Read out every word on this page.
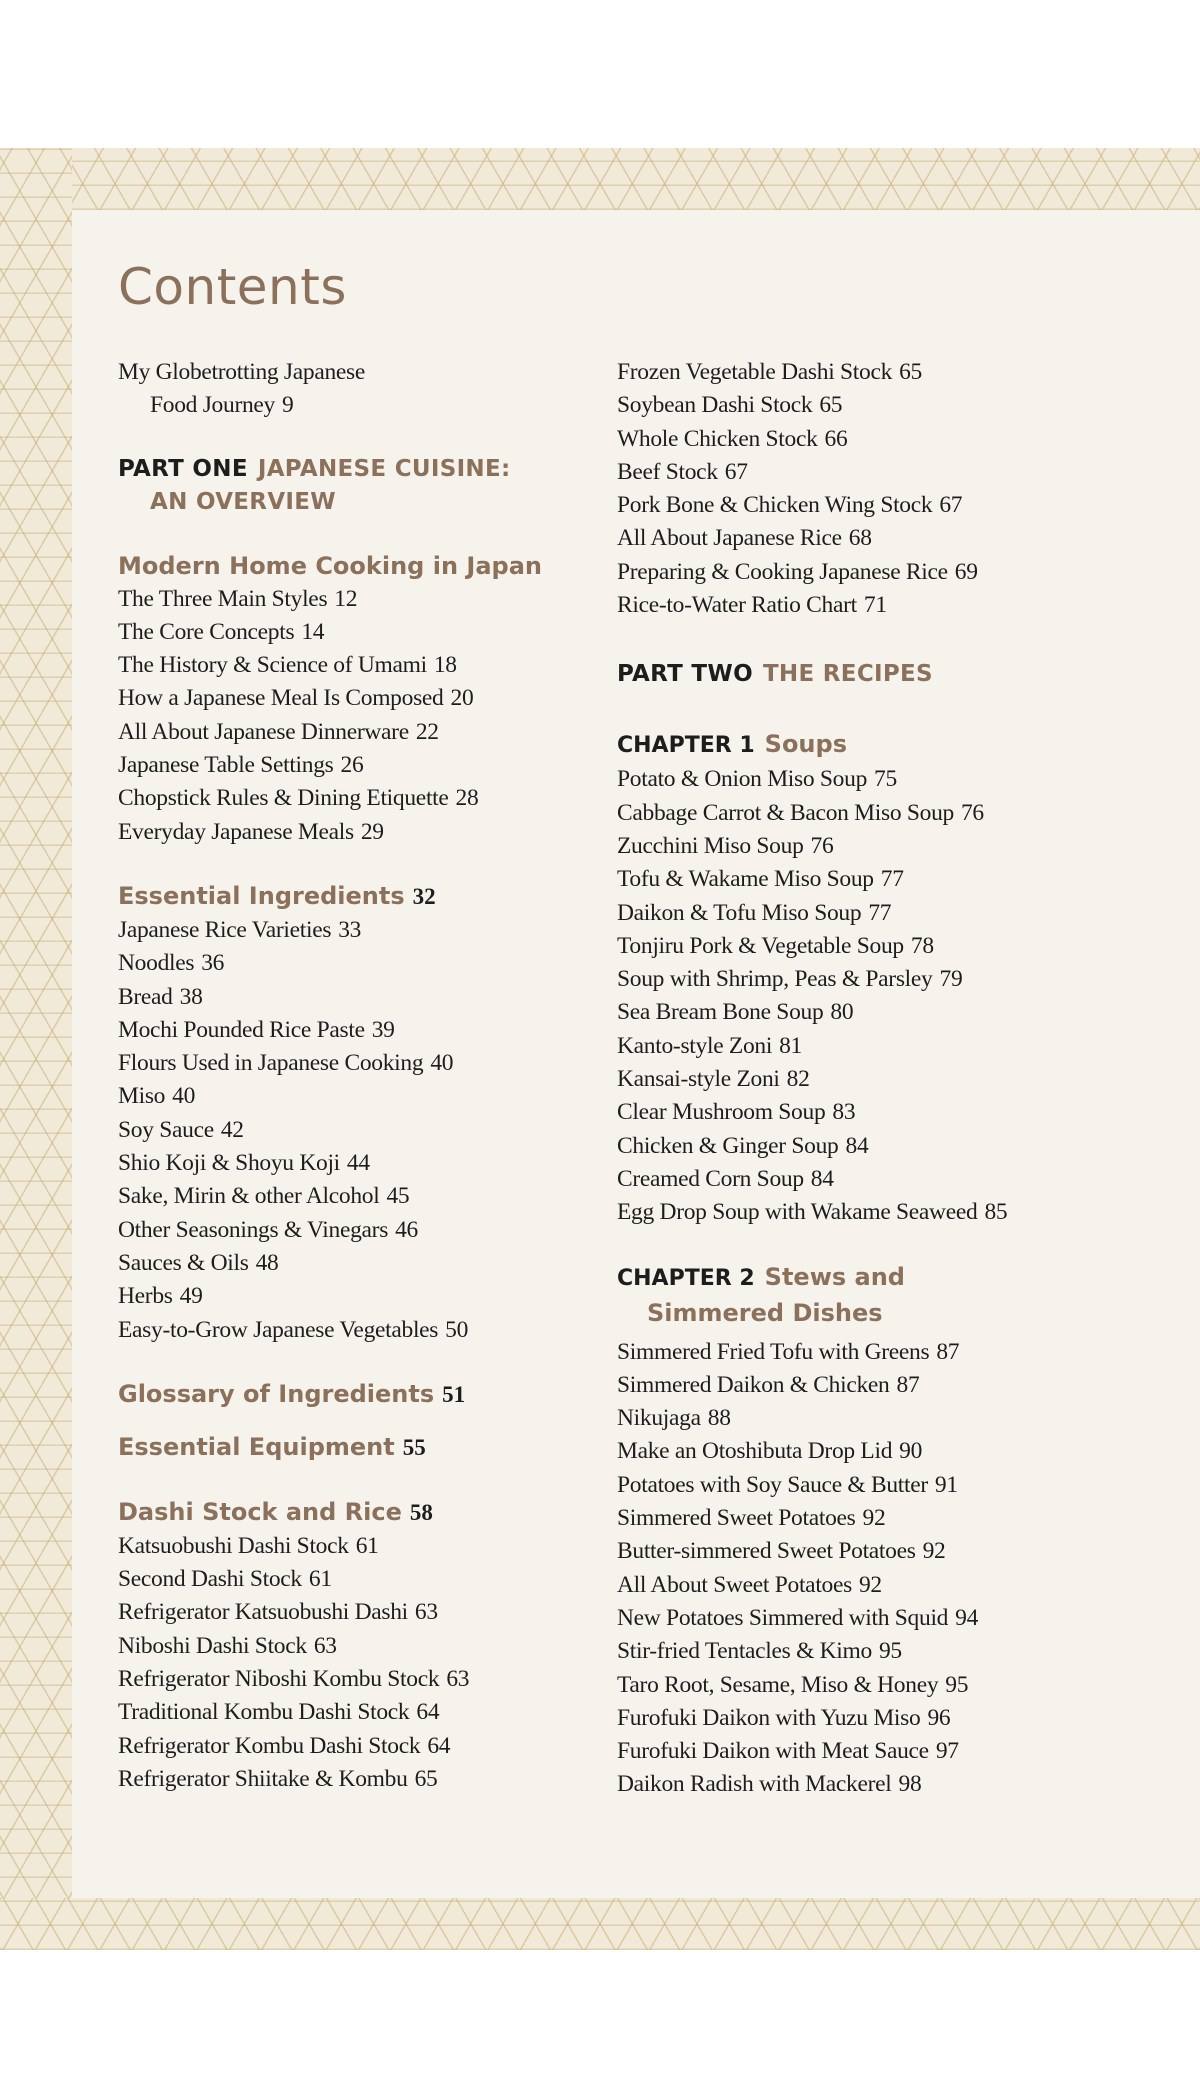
Contents
My Globetrotting Japanese
Food Journey 9
PART ONE JAPANESE CUISINE:
AN OVERVIEW
Modern Home Cooking in Japan
The Three Main Styles 12
The Core Concepts 14
The History & Science of Umami 18
How a Japanese Meal Is Composed 20
All About Japanese Dinnerware 22
Japanese Table Settings 26
Chopstick Rules & Dining Etiquette 28
Everyday Japanese Meals 29
Essential Ingredients 32
Japanese Rice Varieties 33
Noodles 36
Bread 38
Mochi Pounded Rice Paste 39
Flours Used in Japanese Cooking 40
Miso 40
Soy Sauce 42
Shio Koji & Shoyu Koji 44
Sake, Mirin & other Alcohol 45
Other Seasonings & Vinegars 46
Sauces & Oils 48
Herbs 49
Easy-to-Grow Japanese Vegetables 50
Glossary of Ingredients 51
Essential Equipment 55
Dashi Stock and Rice 58
Katsuobushi Dashi Stock 61
Second Dashi Stock 61
Refrigerator Katsuobushi Dashi 63
Niboshi Dashi Stock 63
Refrigerator Niboshi Kombu Stock 63
Traditional Kombu Dashi Stock 64
Refrigerator Kombu Dashi Stock 64
Refrigerator Shiitake & Kombu 65
Frozen Vegetable Dashi Stock 65
Soybean Dashi Stock 65
Whole Chicken Stock 66
Beef Stock 67
Pork Bone & Chicken Wing Stock 67
All About Japanese Rice 68
Preparing & Cooking Japanese Rice 69
Rice-to-Water Ratio Chart 71
PART TWO THE RECIPES
CHAPTER 1 Soups
Potato & Onion Miso Soup 75
Cabbage Carrot & Bacon Miso Soup 76
Zucchini Miso Soup 76
Tofu & Wakame Miso Soup 77
Daikon & Tofu Miso Soup 77
Tonjiru Pork & Vegetable Soup 78
Soup with Shrimp, Peas & Parsley 79
Sea Bream Bone Soup 80
Kanto-style Zoni 81
Kansai-style Zoni 82
Clear Mushroom Soup 83
Chicken & Ginger Soup 84
Creamed Corn Soup 84
Egg Drop Soup with Wakame Seaweed 85
CHAPTER 2 Stews and
Simmered Dishes
Simmered Fried Tofu with Greens 87
Simmered Daikon & Chicken 87
Nikujaga 88
Make an Otoshibuta Drop Lid 90
Potatoes with Soy Sauce & Butter 91
Simmered Sweet Potatoes 92
Butter-simmered Sweet Potatoes 92
All About Sweet Potatoes 92
New Potatoes Simmered with Squid 94
Stir-fried Tentacles & Kimo 95
Taro Root, Sesame, Miso & Honey 95
Furofuki Daikon with Yuzu Miso 96
Furofuki Daikon with Meat Sauce 97
Daikon Radish with Mackerel 98
